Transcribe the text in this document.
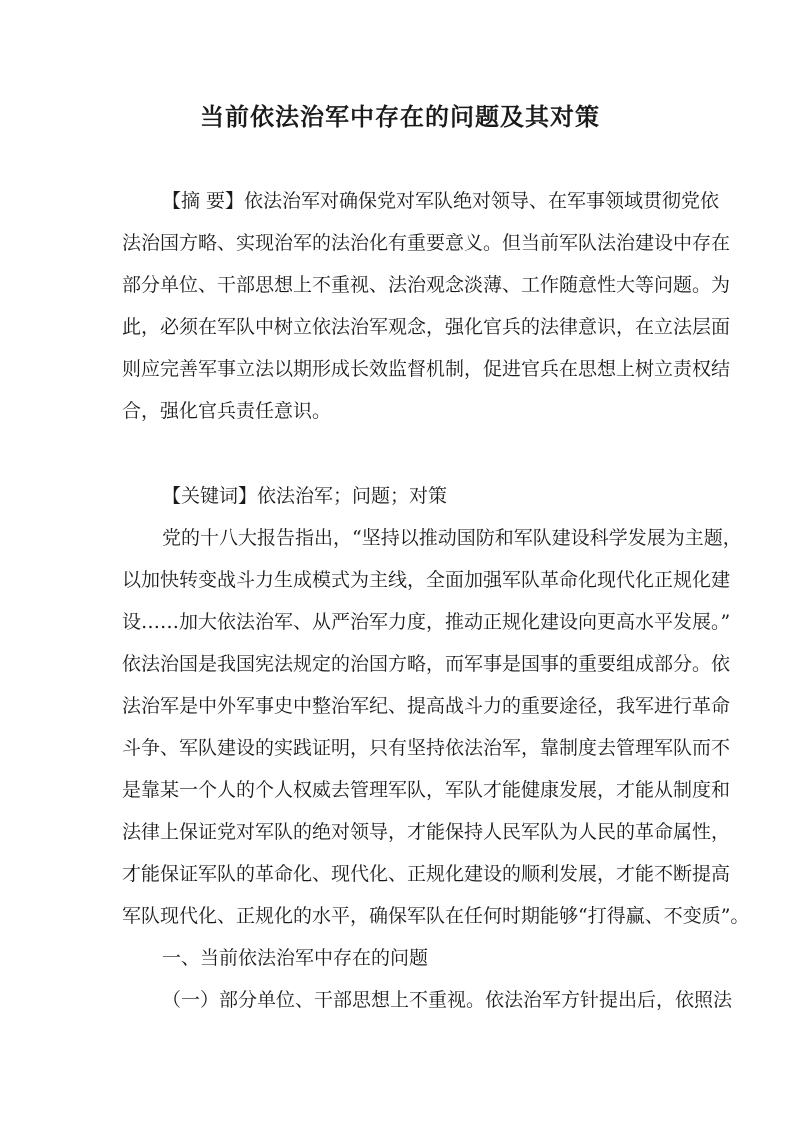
当前依法治军中存在的问题及其对策
【摘 要】依法治军对确保党对军队绝对领导、在军事领域贯彻党依
法治国方略、实现治军的法治化有重要意义。但当前军队法治建设中存在
部分单位、干部思想上不重视、法治观念淡薄、工作随意性大等问题。为
此，必须在军队中树立依法治军观念，强化官兵的法律意识，在立法层面
则应完善军事立法以期形成长效监督机制，促进官兵在思想上树立责权结
合，强化官兵责任意识。
【关键词】依法治军；问题；对策
党的十八大报告指出，“坚持以推动国防和军队建设科学发展为主题，
以加快转变战斗力生成模式为主线，全面加强军队革命化现代化正规化建
设……加大依法治军、从严治军力度，推动正规化建设向更高水平发展。”
依法治国是我国宪法规定的治国方略，而军事是国事的重要组成部分。依
法治军是中外军事史中整治军纪、提高战斗力的重要途径，我军进行革命
斗争、军队建设的实践证明，只有坚持依法治军，靠制度去管理军队而不
是靠某一个人的个人权威去管理军队，军队才能健康发展，才能从制度和
法律上保证党对军队的绝对领导，才能保持人民军队为人民的革命属性，
才能保证军队的革命化、现代化、正规化建设的顺利发展，才能不断提高
军队现代化、正规化的水平，确保军队在任何时期能够“打得赢、不变质”。
一、当前依法治军中存在的问题
（一）部分单位、干部思想上不重视。依法治军方针提出后，依照法
